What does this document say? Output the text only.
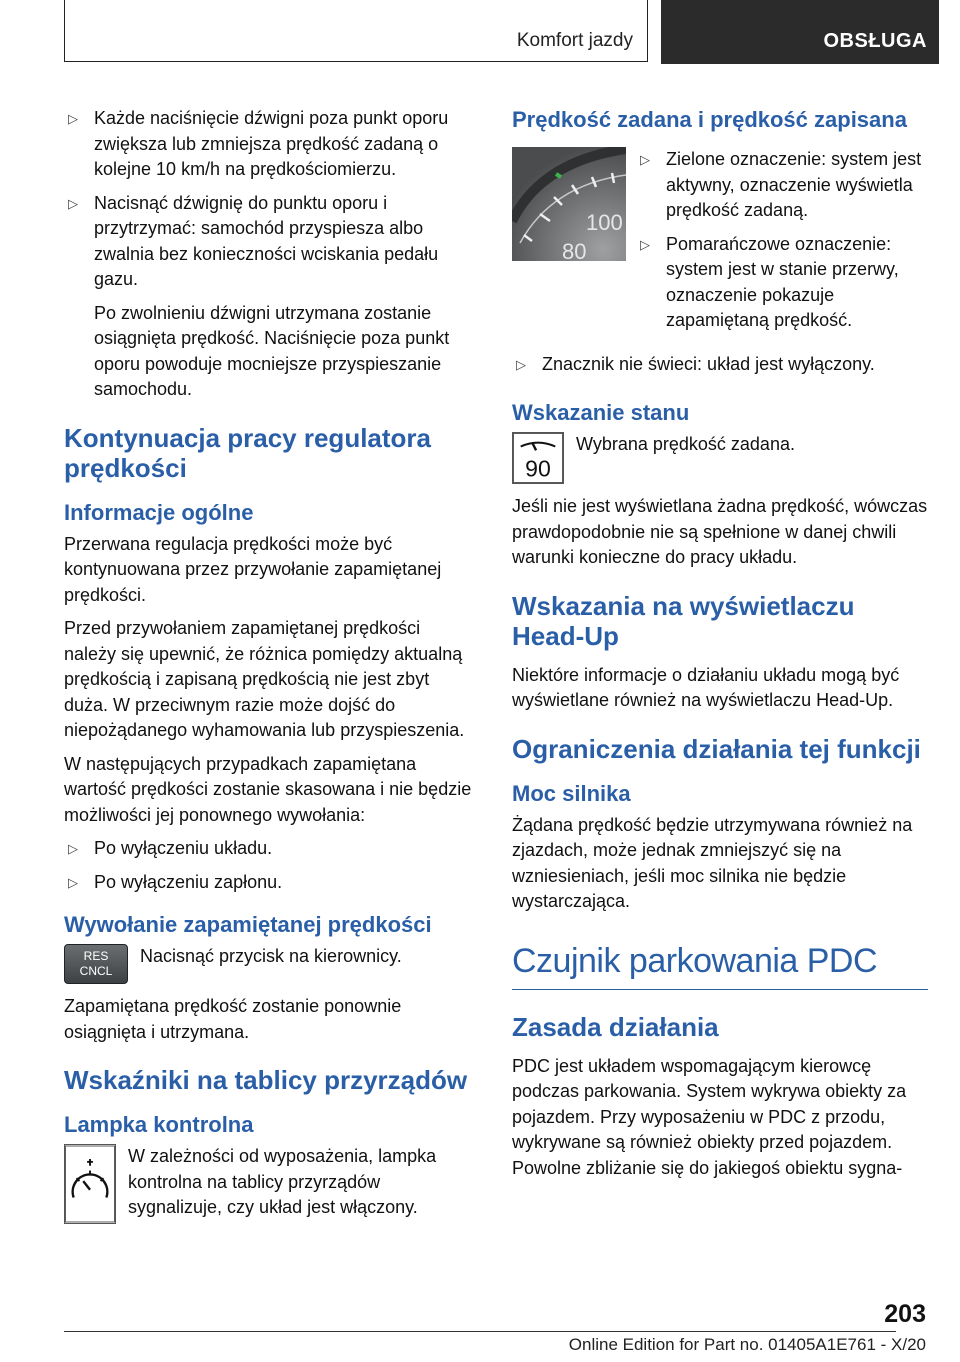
Komfort jazdy	OBSŁUGA
▷ Każde naciśnięcie dźwigni poza punkt oporu zwiększa lub zmniejsza prędkość zadaną o kolejne 10 km/h na prędkościomierzu.
▷ Nacisnąć dźwignię do punktu oporu i przytrzymać: samochód przyspiesza albo zwalnia bez konieczności wciskania pedału gazu.

Po zwolnieniu dźwigni utrzymana zostanie osiągnięta prędkość. Naciśnięcie poza punkt oporu powoduje mocniejsze przyspieszanie samochodu.

Kontynuacja pracy regulatora prędkości
Informacje ogólne

Przerwana regulacja prędkości może być kontynuowana przez przywołanie zapamiętanej prędkości.

Przed przywołaniem zapamiętanej prędkości należy się upewnić, że różnica pomiędzy aktualną prędkością i zapisaną prędkością nie jest zbyt duża. W przeciwnym razie może dojść do niepożądanego wyhamowania lub przyspieszenia.

W następujących przypadkach zapamiętana wartość prędkości zostanie skasowana i nie będzie możliwości jej ponownego wywołania:

▷ Po wyłączeniu układu.
▷ Po wyłączeniu zapłonu.
Wywołanie zapamiętanej prędkości
RES
CNCL
Nacisnąć przycisk na kierownicy.

Zapamiętana prędkość zostanie ponownie osiągnięta i utrzymana.

Wskaźniki na tablicy przyrządów
Lampka kontrolna
W zależności od wyposażenia, lampka kontrolna na tablicy przyrządów sygnalizuje, czy układ jest włączony.
Prędkość zadana i prędkość zapisana
100
80
▷ Zielone oznaczenie: system jest aktywny, oznaczenie wyświetla prędkość zadaną.
▷ Pomarańczowe oznaczenie: system jest w stanie przerwy, oznaczenie pokazuje zapamiętaną prędkość.
▷ Znacznik nie świeci: układ jest wyłączony.
Wskazanie stanu
90
Wybrana prędkość zadana.

Jeśli nie jest wyświetlana żadna prędkość, wówczas prawdopodobnie nie są spełnione w danej chwili warunki konieczne do pracy układu.

Wskazania na wyświetlaczu Head-Up

Niektóre informacje o działaniu układu mogą być wyświetlane również na wyświetlaczu Head-Up.

Ograniczenia działania tej funkcji
Moc silnika

Żądana prędkość będzie utrzymywana również na zjazdach, może jednak zmniejszyć się na wzniesieniach, jeśli moc silnika nie będzie wystarczająca.

Czujnik parkowania PDC
Zasada działania

PDC jest układem wspomagającym kierowcę podczas parkowania. System wykrywa obiekty za pojazdem. Przy wyposażeniu w PDC z przodu, wykrywane są również obiekty przed pojazdem. Powolne zbliżanie się do jakiegoś obiektu sygna-

203
Online Edition for Part no. 01405A1E761 - X/20
